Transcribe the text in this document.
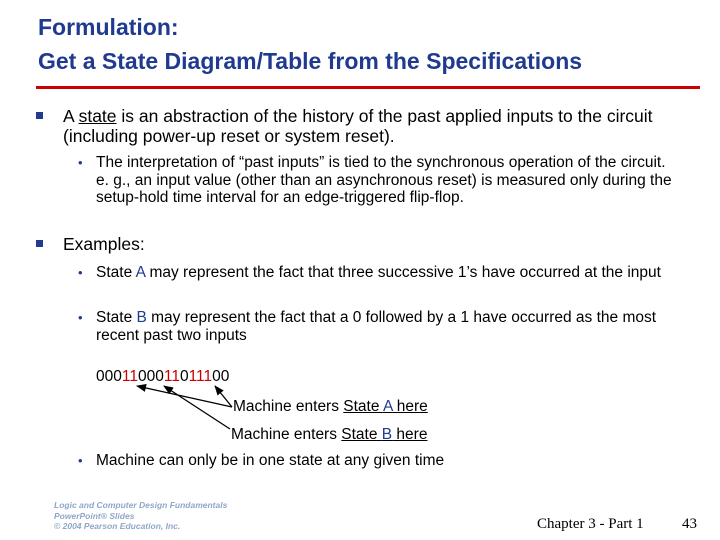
Formulation:
Get a State Diagram/Table from the Specifications
A state is an abstraction of the history of the past applied inputs to the circuit (including power-up reset or system reset).
• The interpretation of “past inputs” is tied to the synchronous operation of the circuit. e. g., an input value (other than an asynchronous reset) is measured only during the setup-hold time interval for an edge-triggered flip-flop.
Examples:
• State A may represent the fact that three successive 1’s have occurred at the input
• State B may represent the fact that a 0 followed by a 1 have occurred as the most recent past two inputs
0001100011011100
Machine enters State A here
Machine enters State B here
• Machine can only be in one state at any given time
Logic and Computer Design Fundamentals
PowerPoint® Slides
© 2004 Pearson Education, Inc.	Chapter 3 - Part 1	43
